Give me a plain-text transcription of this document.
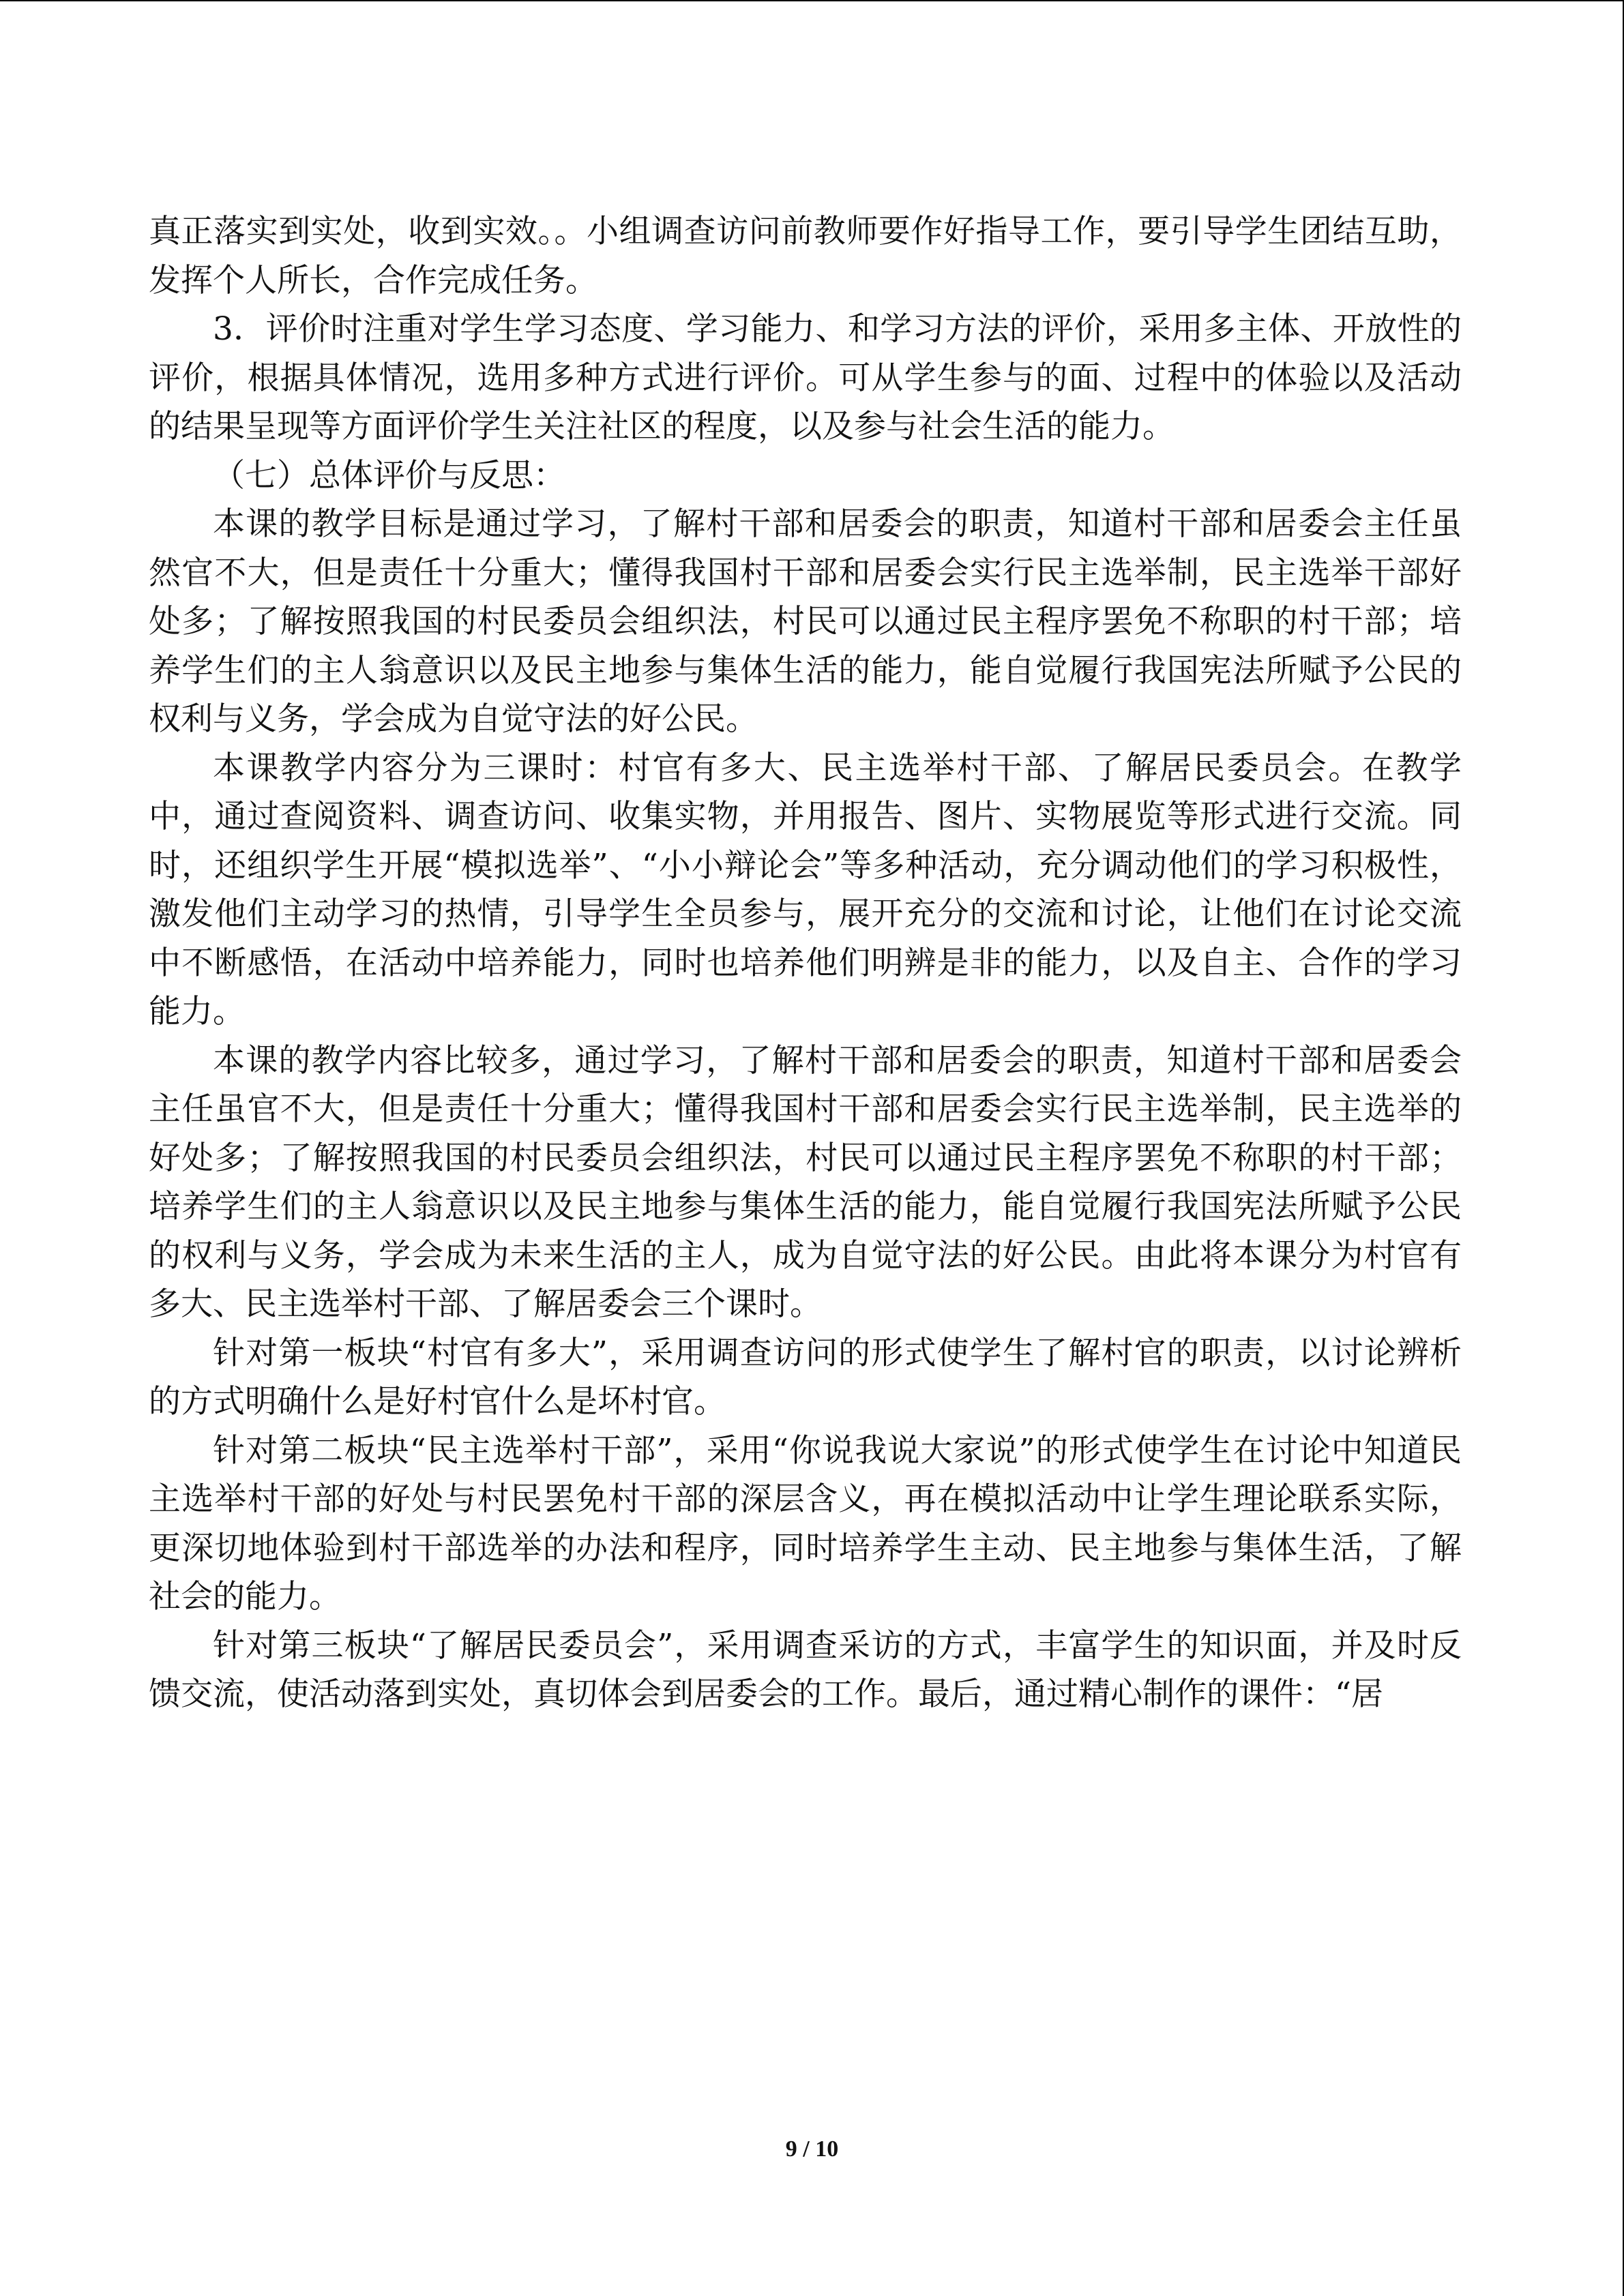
真正落实到实处，收到实效。。小组调查访问前教师要作好指导工作，要引导学生团结互助，发挥个人所长，合作完成任务。

3．评价时注重对学生学习态度、学习能力、和学习方法的评价，采用多主体、开放性的评价，根据具体情况，选用多种方式进行评价。可从学生参与的面、过程中的体验以及活动的结果呈现等方面评价学生关注社区的程度，以及参与社会生活的能力。

（七）总体评价与反思：

本课的教学目标是通过学习，了解村干部和居委会的职责，知道村干部和居委会主任虽然官不大，但是责任十分重大；懂得我国村干部和居委会实行民主选举制，民主选举干部好处多；了解按照我国的村民委员会组织法，村民可以通过民主程序罢免不称职的村干部；培养学生们的主人翁意识以及民主地参与集体生活的能力，能自觉履行我国宪法所赋予公民的权利与义务，学会成为自觉守法的好公民。

本课教学内容分为三课时：村官有多大、民主选举村干部、了解居民委员会。在教学中，通过查阅资料、调查访问、收集实物，并用报告、图片、实物展览等形式进行交流。同时，还组织学生开展“模拟选举”、“小小辩论会”等多种活动，充分调动他们的学习积极性，激发他们主动学习的热情，引导学生全员参与，展开充分的交流和讨论，让他们在讨论交流中不断感悟，在活动中培养能力，同时也培养他们明辨是非的能力，以及自主、合作的学习能力。

本课的教学内容比较多，通过学习，了解村干部和居委会的职责，知道村干部和居委会主任虽官不大，但是责任十分重大；懂得我国村干部和居委会实行民主选举制，民主选举的好处多；了解按照我国的村民委员会组织法，村民可以通过民主程序罢免不称职的村干部；培养学生们的主人翁意识以及民主地参与集体生活的能力，能自觉履行我国宪法所赋予公民的权利与义务，学会成为未来生活的主人，成为自觉守法的好公民。由此将本课分为村官有多大、民主选举村干部、了解居委会三个课时。

针对第一板块“村官有多大”，采用调查访问的形式使学生了解村官的职责，以讨论辨析的方式明确什么是好村官什么是坏村官。

针对第二板块“民主选举村干部”，采用“你说我说大家说”的形式使学生在讨论中知道民主选举村干部的好处与村民罢免村干部的深层含义，再在模拟活动中让学生理论联系实际，更深切地体验到村干部选举的办法和程序，同时培养学生主动、民主地参与集体生活，了解社会的能力。

针对第三板块“了解居民委员会”，采用调查采访的方式，丰富学生的知识面，并及时反馈交流，使活动落到实处，真切体会到居委会的工作。最后，通过精心制作的课件：“居

9 / 10
